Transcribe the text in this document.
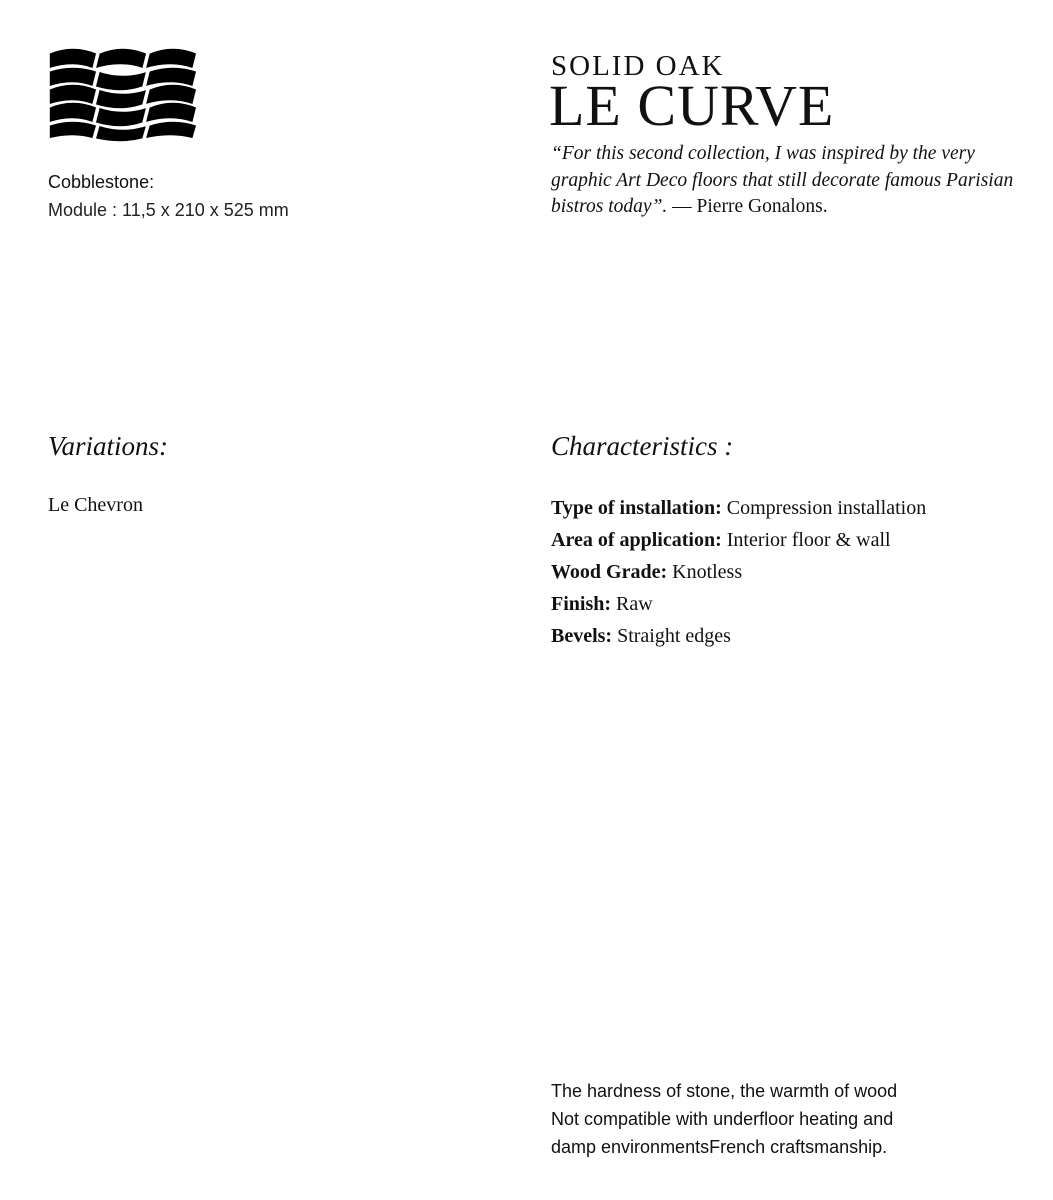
Cobblestone:
Module : 11,5 x 210 x 525 mm
SOLID OAK
LE CURVE
“For this second collection, I was inspired by the very graphic Art Deco floors that still decorate famous Parisian bistros today”. — Pierre Gonalons.
Variations:
Le Chevron
Characteristics :
Type of installation: Compression installation
Area of application: Interior floor & wall
Wood Grade: Knotless
Finish: Raw
Bevels: Straight edges
The hardness of stone, the warmth of wood
Not compatible with underfloor heating and
damp environmentsFrench craftsmanship.
